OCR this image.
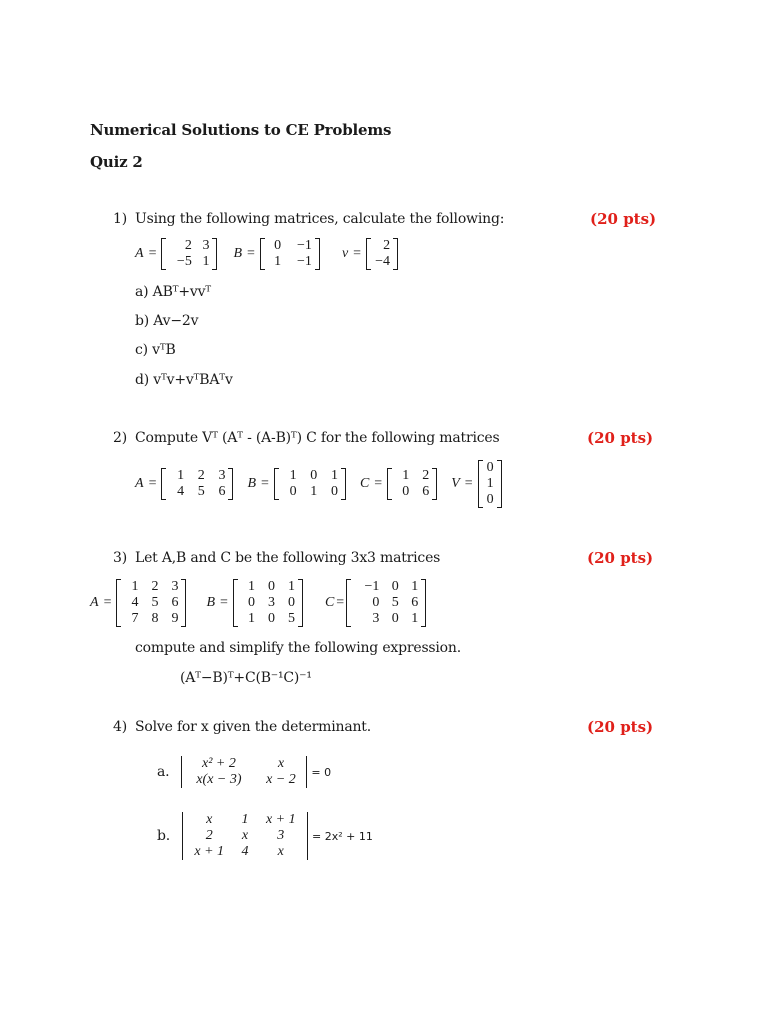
Numerical Solutions to CE Problems
Quiz 2
1) Using the following matrices, calculate the following:	(20 pts)
A =
2	3
−5	1
B =
0	−1
1	−1
v =
2
−4
a) ABᵀ+vvᵀ
b) Av−2v
c) vᵀB
d) vᵀv+vᵀBAᵀv
2) Compute Vᵀ (Aᵀ - (A-B)ᵀ) C for the following matrices	(20 pts)
A =
1	2	3
4	5	6
B =
1	0	1
0	1	0
C =
1	2
0	6
V =
0
1
0
3) Let A,B and C be the following 3x3 matrices	(20 pts)
A =
1	2	3
4	5	6
7	8	9
B =
1	0	1
0	3	0
1	0	5
C =
−1	0	1
0	5	6
3	0	1
compute and simplify the following expression.
(Aᵀ−B)ᵀ+C(B⁻¹C)⁻¹
4) Solve for x given the determinant.	(20 pts)
a.
x² + 2	x
x(x − 3)	x − 2 = 0
b.
x	1	x + 1
2	x	3
x + 1	4	x
= 2x² + 11
